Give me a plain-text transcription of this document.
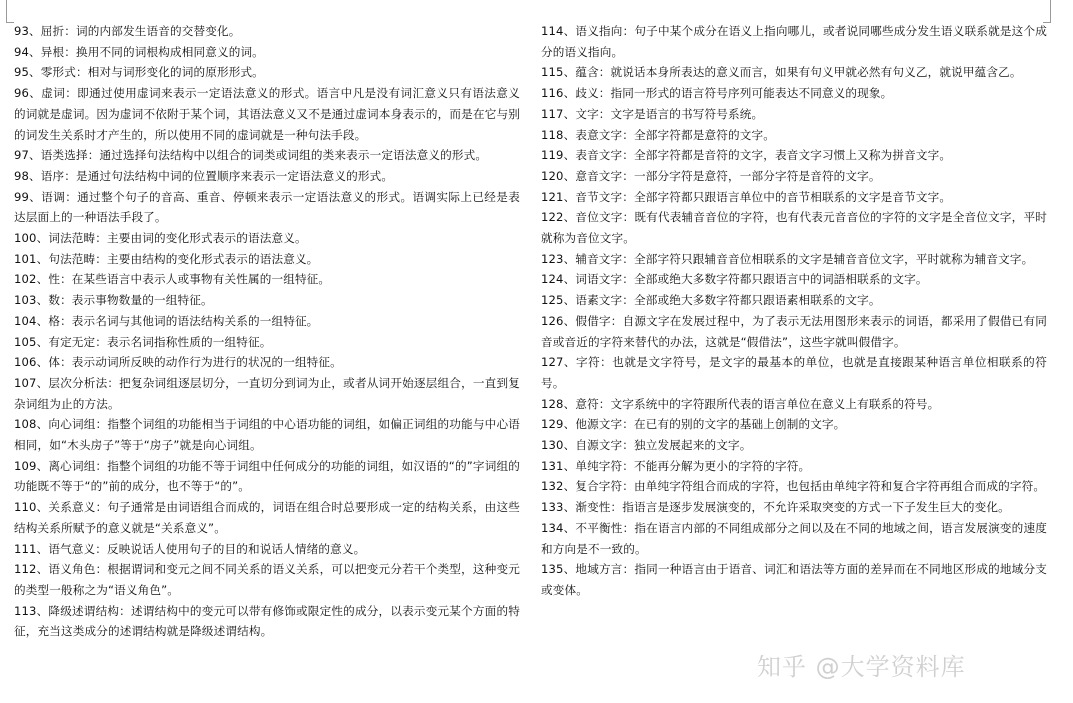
93、屈折：词的内部发生语音的交替变化。

94、异根：换用不同的词根构成相同意义的词。

95、零形式：相对与词形变化的词的原形形式。

96、虚词：即通过使用虚词来表示一定语法意义的形式。语言中凡是没有词汇意义只有语法意义的词就是虚词。因为虚词不依附于某个词，其语法意义又不是通过虚词本身表示的，而是在它与别的词发生关系时才产生的，所以使用不同的虚词就是一种句法手段。

97、语类选择：通过选择句法结构中以组合的词类或词组的类来表示一定语法意义的形式。

98、语序：是通过句法结构中词的位置顺序来表示一定语法意义的形式。

99、语调：通过整个句子的音高、重音、停顿来表示一定语法意义的形式。语调实际上已经是表达层面上的一种语法手段了。

100、词法范畴：主要由词的变化形式表示的语法意义。

101、句法范畴：主要由结构的变化形式表示的语法意义。

102、性：在某些语言中表示人或事物有关性属的一组特征。

103、数：表示事物数量的一组特征。

104、格：表示名词与其他词的语法结构关系的一组特征。

105、有定无定：表示名词指称性质的一组特征。

106、体：表示动词所反映的动作行为进行的状况的一组特征。

107、层次分析法：把复杂词组逐层切分，一直切分到词为止，或者从词开始逐层组合，一直到复杂词组为止的方法。

108、向心词组：指整个词组的功能相当于词组的中心语功能的词组，如偏正词组的功能与中心语相同，如“木头房子”等于“房子”就是向心词组。

109、离心词组：指整个词组的功能不等于词组中任何成分的功能的词组，如汉语的“的”字词组的功能既不等于“的”前的成分，也不等于“的”。

110、关系意义：句子通常是由词语组合而成的，词语在组合时总要形成一定的结构关系，由这些结构关系所赋予的意义就是“关系意义”。

111、语气意义：反映说话人使用句子的目的和说话人情绪的意义。

112、语义角色：根据谓词和变元之间不同关系的语义关系，可以把变元分若干个类型，这种变元的类型一般称之为“语义角色”。

113、降级述谓结构：述谓结构中的变元可以带有修饰或限定性的成分，以表示变元某个方面的特征，充当这类成分的述谓结构就是降级述谓结构。

114、语义指向：句子中某个成分在语义上指向哪儿，或者说同哪些成分发生语义联系就是这个成分的语义指向。

115、蕴含：就说话本身所表达的意义而言，如果有句义甲就必然有句义乙，就说甲蕴含乙。

116、歧义：指同一形式的语言符号序列可能表达不同意义的现象。

117、文字：文字是语言的书写符号系统。

118、表意文字：全部字符都是意符的文字。

119、表音文字：全部字符都是音符的文字，表音文字习惯上又称为拼音文字。

120、意音文字：一部分字符是意符，一部分字符是音符的文字。

121、音节文字：全部字符都只跟语言单位中的音节相联系的文字是音节文字。

122、音位文字：既有代表辅音音位的字符，也有代表元音音位的字符的文字是全音位文字，平时就称为音位文字。

123、辅音文字：全部字符只跟辅音音位相联系的文字是辅音音位文字，平时就称为辅音文字。

124、词语文字：全部或绝大多数字符都只跟语言中的词語相联系的文字。

125、语素文字：全部或绝大多数字符都只跟语素相联系的文字。

126、假借字：自源文字在发展过程中，为了表示无法用图形来表示的词语，都采用了假借已有同音或音近的字符来替代的办法，这就是“假借法”，这些字就叫假借字。

127、字符：也就是文字符号，是文字的最基本的单位，也就是直接跟某种语言单位相联系的符号。

128、意符：文字系统中的字符跟所代表的语言单位在意义上有联系的符号。

129、他源文字：在已有的别的文字的基础上创制的文字。

130、自源文字：独立发展起来的文字。

131、单纯字符：不能再分解为更小的字符的字符。

132、复合字符：由单纯字符组合而成的字符，也包括由单纯字符和复合字符再组合而成的字符。

133、渐变性：指语言是逐步发展演变的，不允许采取突变的方式一下子发生巨大的变化。

134、不平衡性：指在语言内部的不同组成部分之间以及在不同的地域之间，语言发展演变的速度和方向是不一致的。

135、地域方言：指同一种语言由于语音、词汇和语法等方面的差异而在不同地区形成的地域分支或变体。

知乎 @大学资料库
